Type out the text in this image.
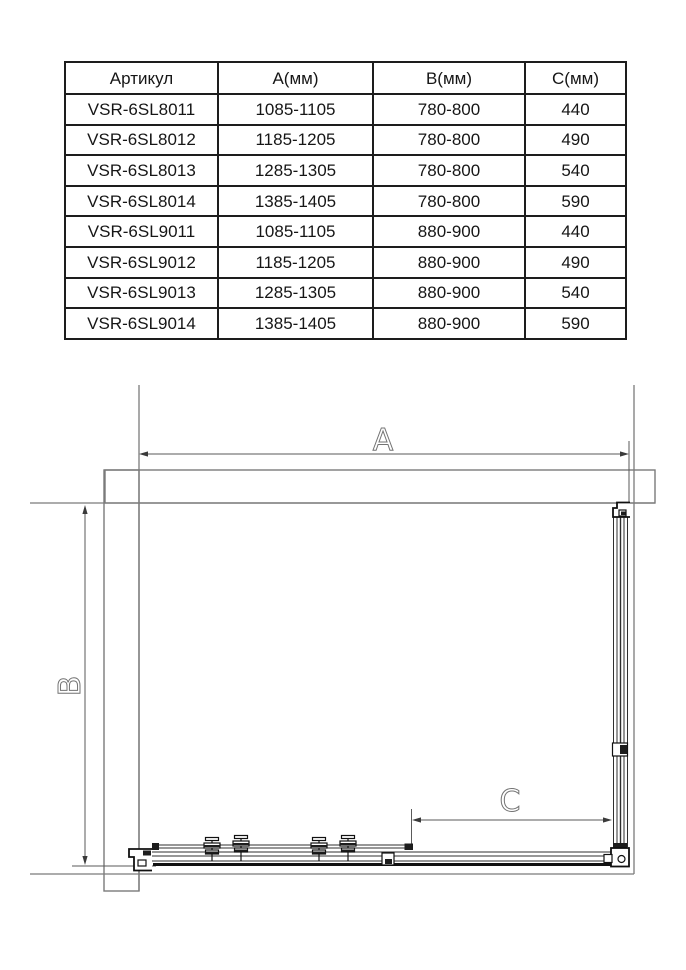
Артикул	А(мм)	В(мм)	С(мм)
VSR-6SL8011	1085-1105	780-800	440
VSR-6SL8012	1185-1205	780-800	490
VSR-6SL8013	1285-1305	780-800	540
VSR-6SL8014	1385-1405	780-800	590
VSR-6SL9011	1085-1105	880-900	440
VSR-6SL9012	1185-1205	880-900	490
VSR-6SL9013	1285-1305	880-900	540
VSR-6SL9014	1385-1405	880-900	590
A
B
C
